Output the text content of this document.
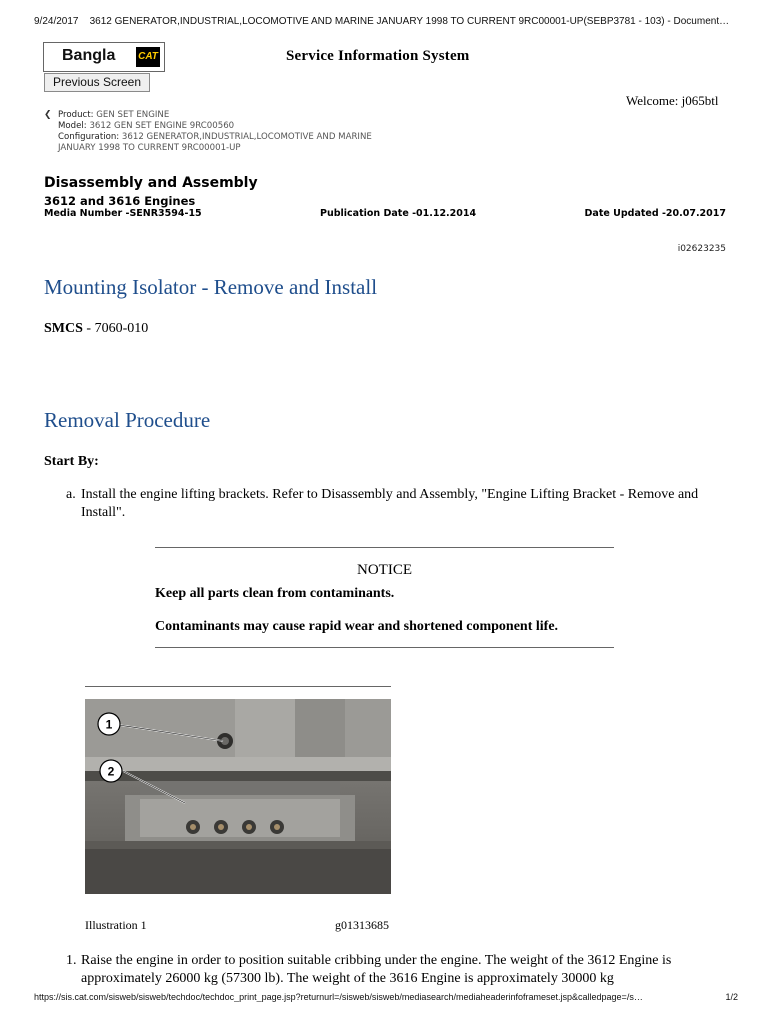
9/24/2017 3612 GENERATOR,INDUSTRIAL,LOCOMOTIVE AND MARINE JANUARY 1998 TO CURRENT 9RC00001-UP(SEBP3781 - 103) - Document…
Bangla CAT	Service Information System
Previous Screen
Welcome: j065btl
❮ Product: GEN SET ENGINE
Model: 3612 GEN SET ENGINE 9RC00560
Configuration: 3612 GENERATOR,INDUSTRIAL,LOCOMOTIVE AND MARINE
JANUARY 1998 TO CURRENT 9RC00001-UP
Disassembly and Assembly
3612 and 3616 Engines
Media Number -SENR3594-15	Publication Date -01.12.2014	Date Updated -20.07.2017
i02623235
Mounting Isolator - Remove and Install
SMCS - 7060-010
Removal Procedure
Start By:
a. Install the engine lifting brackets. Refer to Disassembly and Assembly, "Engine Lifting Bracket - Remove and Install".
NOTICE
Keep all parts clean from contaminants.
Contaminants may cause rapid wear and shortened component life.
1
2
Illustration 1	g01313685
1. Raise the engine in order to position suitable cribbing under the engine. The weight of the 3612 Engine is approximately 26000 kg (57300 lb). The weight of the 3616 Engine is approximately 30000 kg
https://sis.cat.com/sisweb/sisweb/techdoc/techdoc_print_page.jsp?returnurl=/sisweb/sisweb/mediasearch/mediaheaderinfoframeset.jsp&calledpage=/s…	1/2
